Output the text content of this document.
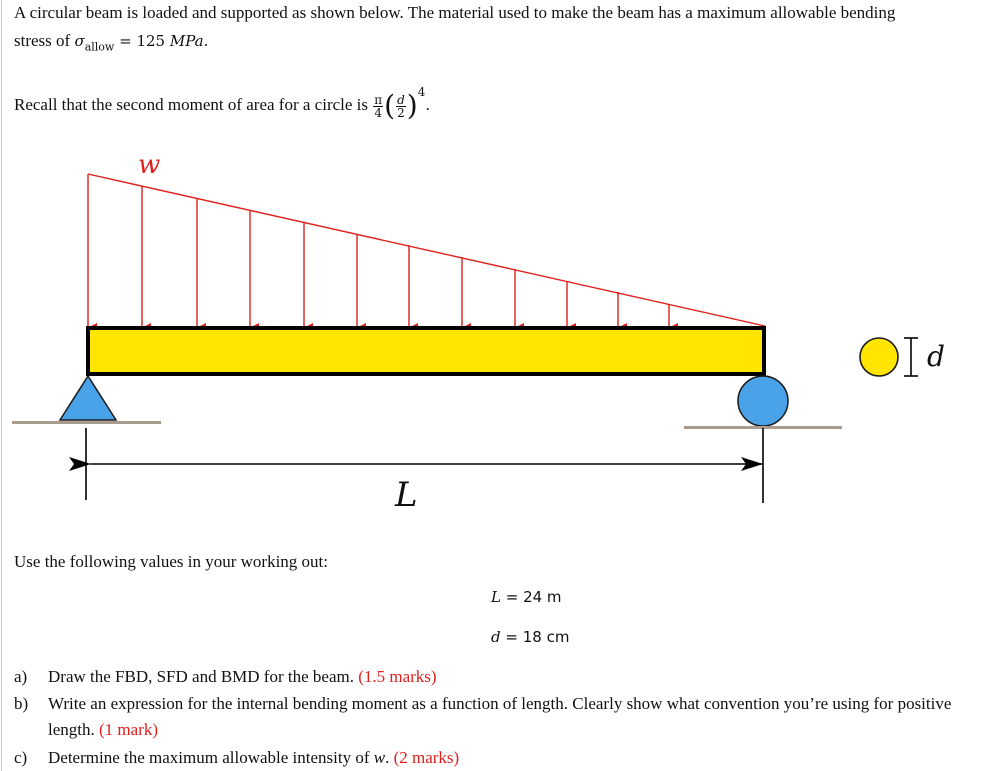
A circular beam is loaded and supported as shown below. The material used to make the beam has a maximum allowable bending
stress of $\sigma_{allow} = 125$ MPa.
Recall that the second moment of area for a circle is $\frac{\pi}{4}$ ( $\frac{d}{2} )^4$.
w
L
d
Use the following values in your working out:
L = 24 m
d = 18 cm
a) Draw the FBD, SFD and BMD for the beam. (1.5 marks)
b) Write an expression for the internal bending moment as a function of length. Clearly show what convention you’re using for positive length. (1 mark)
c) Determine the maximum allowable intensity of w. (2 marks)
